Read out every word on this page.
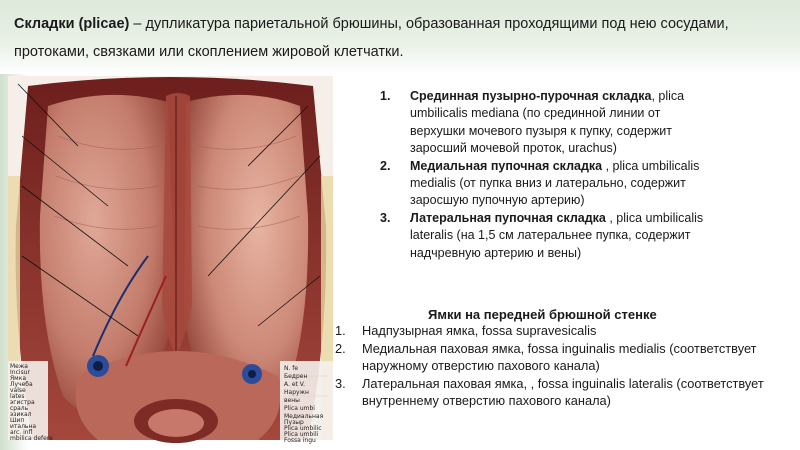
Складки (plicae) – дупликатура париетальной брюшины, образованная проходящими под нею сосудами, протоками, связками или скоплением жировой клетчатки.
N. fe
Бедрен
A. et V.
Наружн
вены
Plica umbi
Медиальная
Пузыр
Plica umbilic
Plica umbili
Fossa ingu
Межа
Incisur
Ямка
Лучеба
valse
lates
эгистра
сраль
эзикал
Шип
итальна
arc. infl
mbilica defere
1. Срединная пузырно-пурочная складка, plica umbilicalis mediana (по срединной линии от верхушки мочевого пузыря к пупку, содержит заросший мочевой проток, urachus)
2. Медиальная пупочная складка , plica umbilicalis medialis (от пупка вниз и латерально, содержит заросшую пупочную артерию)
3. Латеральная пупочная складка , plica umbilicalis lateralis (на 1,5 см латеральнее пупка, содержит надчревную артерию и вены)
Ямки на передней брюшной стенке
1. Надпузырная ямка, fossa supravesicalis
2. Медиальная паховая ямка, fossa inguinalis medialis (соответствует наружному отверстию пахового канала)
3. Латеральная паховая ямка, , fossa inguinalis lateralis (соответствует внутреннему отверстию пахового канала)
